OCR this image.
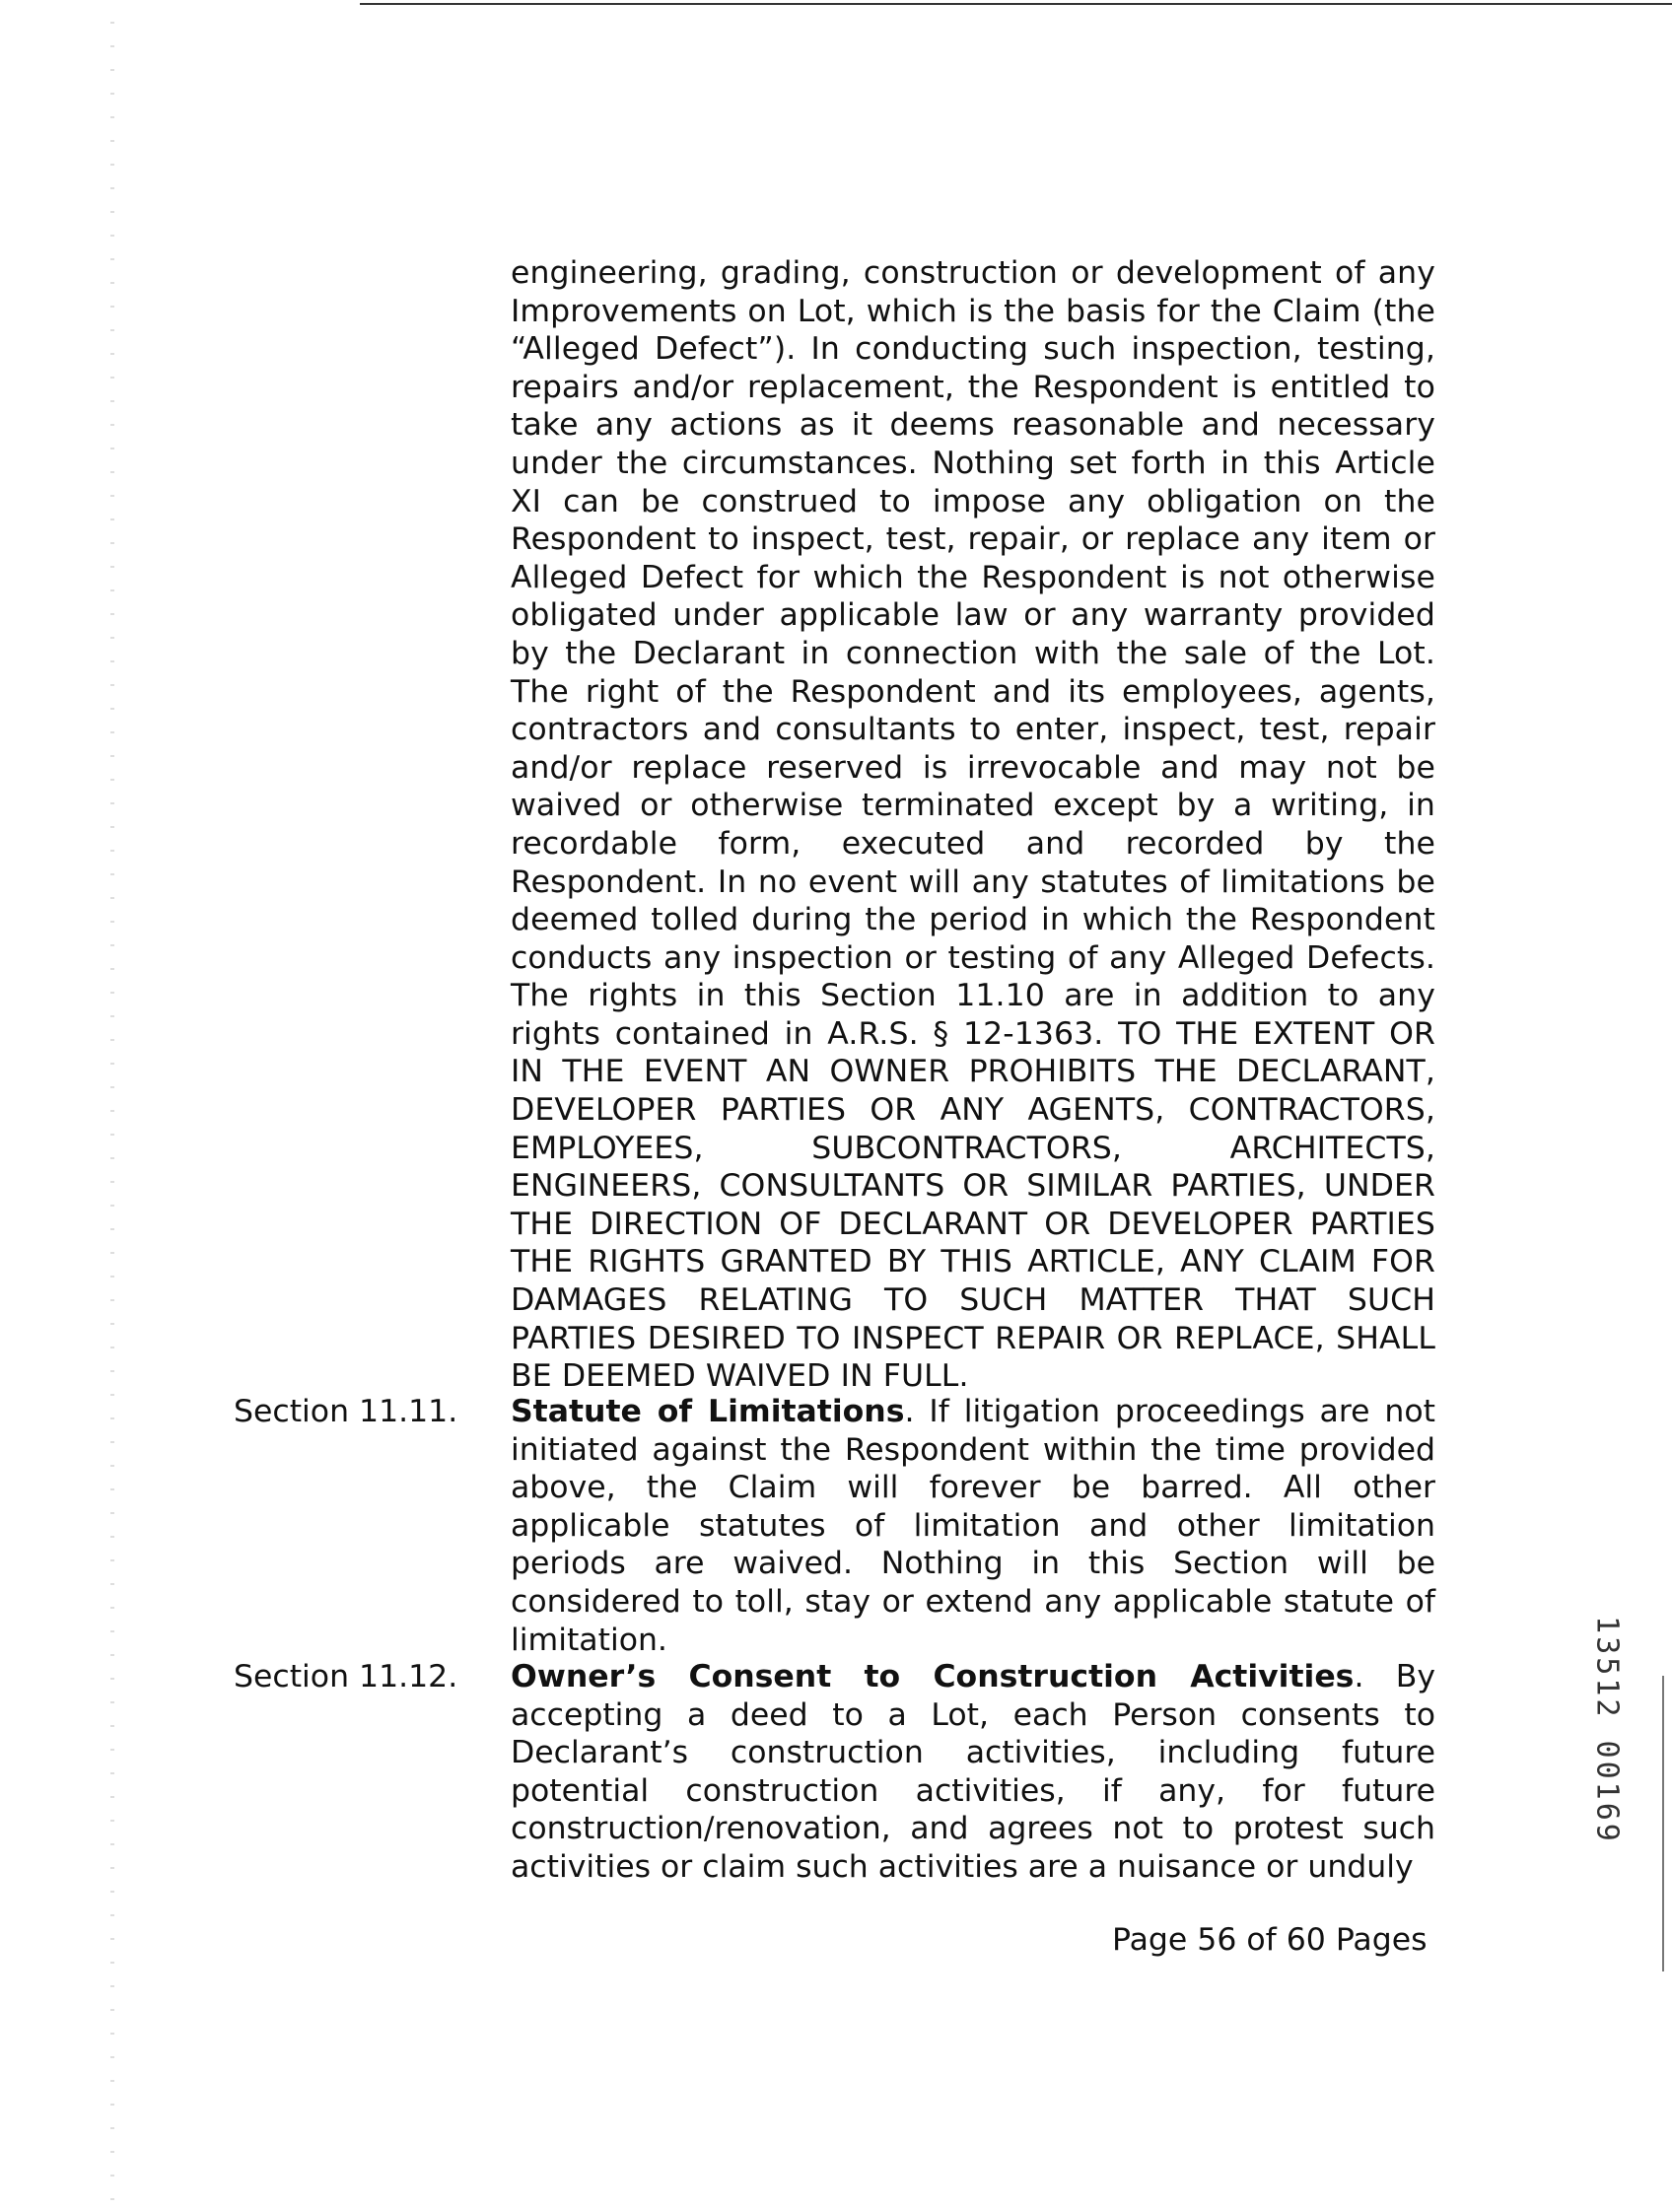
engineering, grading, construction or development of any Improvements on Lot, which is the basis for the Claim (the “Alleged Defect”). In conducting such inspection, testing, repairs and/or replacement, the Respondent is entitled to take any actions as it deems reasonable and necessary under the circumstances. Nothing set forth in this Article XI can be construed to impose any obligation on the Respondent to inspect, test, repair, or replace any item or Alleged Defect for which the Respondent is not otherwise obligated under applicable law or any warranty provided by the Declarant in connection with the sale of the Lot. The right of the Respondent and its employees, agents, contractors and consultants to enter, inspect, test, repair and/or replace reserved is irrevocable and may not be waived or otherwise terminated except by a writing, in recordable form, executed and recorded by the Respondent. In no event will any statutes of limitations be deemed tolled during the period in which the Respondent conducts any inspection or testing of any Alleged Defects. The rights in this Section 11.10 are in addition to any rights contained in A.R.S. § 12-1363. TO THE EXTENT OR IN THE EVENT AN OWNER PROHIBITS THE DECLARANT, DEVELOPER PARTIES OR ANY AGENTS, CONTRACTORS, EMPLOYEES, SUBCONTRACTORS, ARCHITECTS, ENGINEERS, CONSULTANTS OR SIMILAR PARTIES, UNDER THE DIRECTION OF DECLARANT OR DEVELOPER PARTIES THE RIGHTS GRANTED BY THIS ARTICLE, ANY CLAIM FOR DAMAGES RELATING TO SUCH MATTER THAT SUCH PARTIES DESIRED TO INSPECT REPAIR OR REPLACE, SHALL BE DEEMED WAIVED IN FULL.
Section 11.11. Statute of Limitations. If litigation proceedings are not initiated against the Respondent within the time provided above, the Claim will forever be barred. All other applicable statutes of limitation and other limitation periods are waived. Nothing in this Section will be considered to toll, stay or extend any applicable statute of limitation.
Section 11.12. Owner’s Consent to Construction Activities. By accepting a deed to a Lot, each Person consents to Declarant’s construction activities, including future potential construction activities, if any, for future construction/renovation, and agrees not to protest such activities or claim such activities are a nuisance or unduly
Page 56 of 60 Pages
13512 00169
